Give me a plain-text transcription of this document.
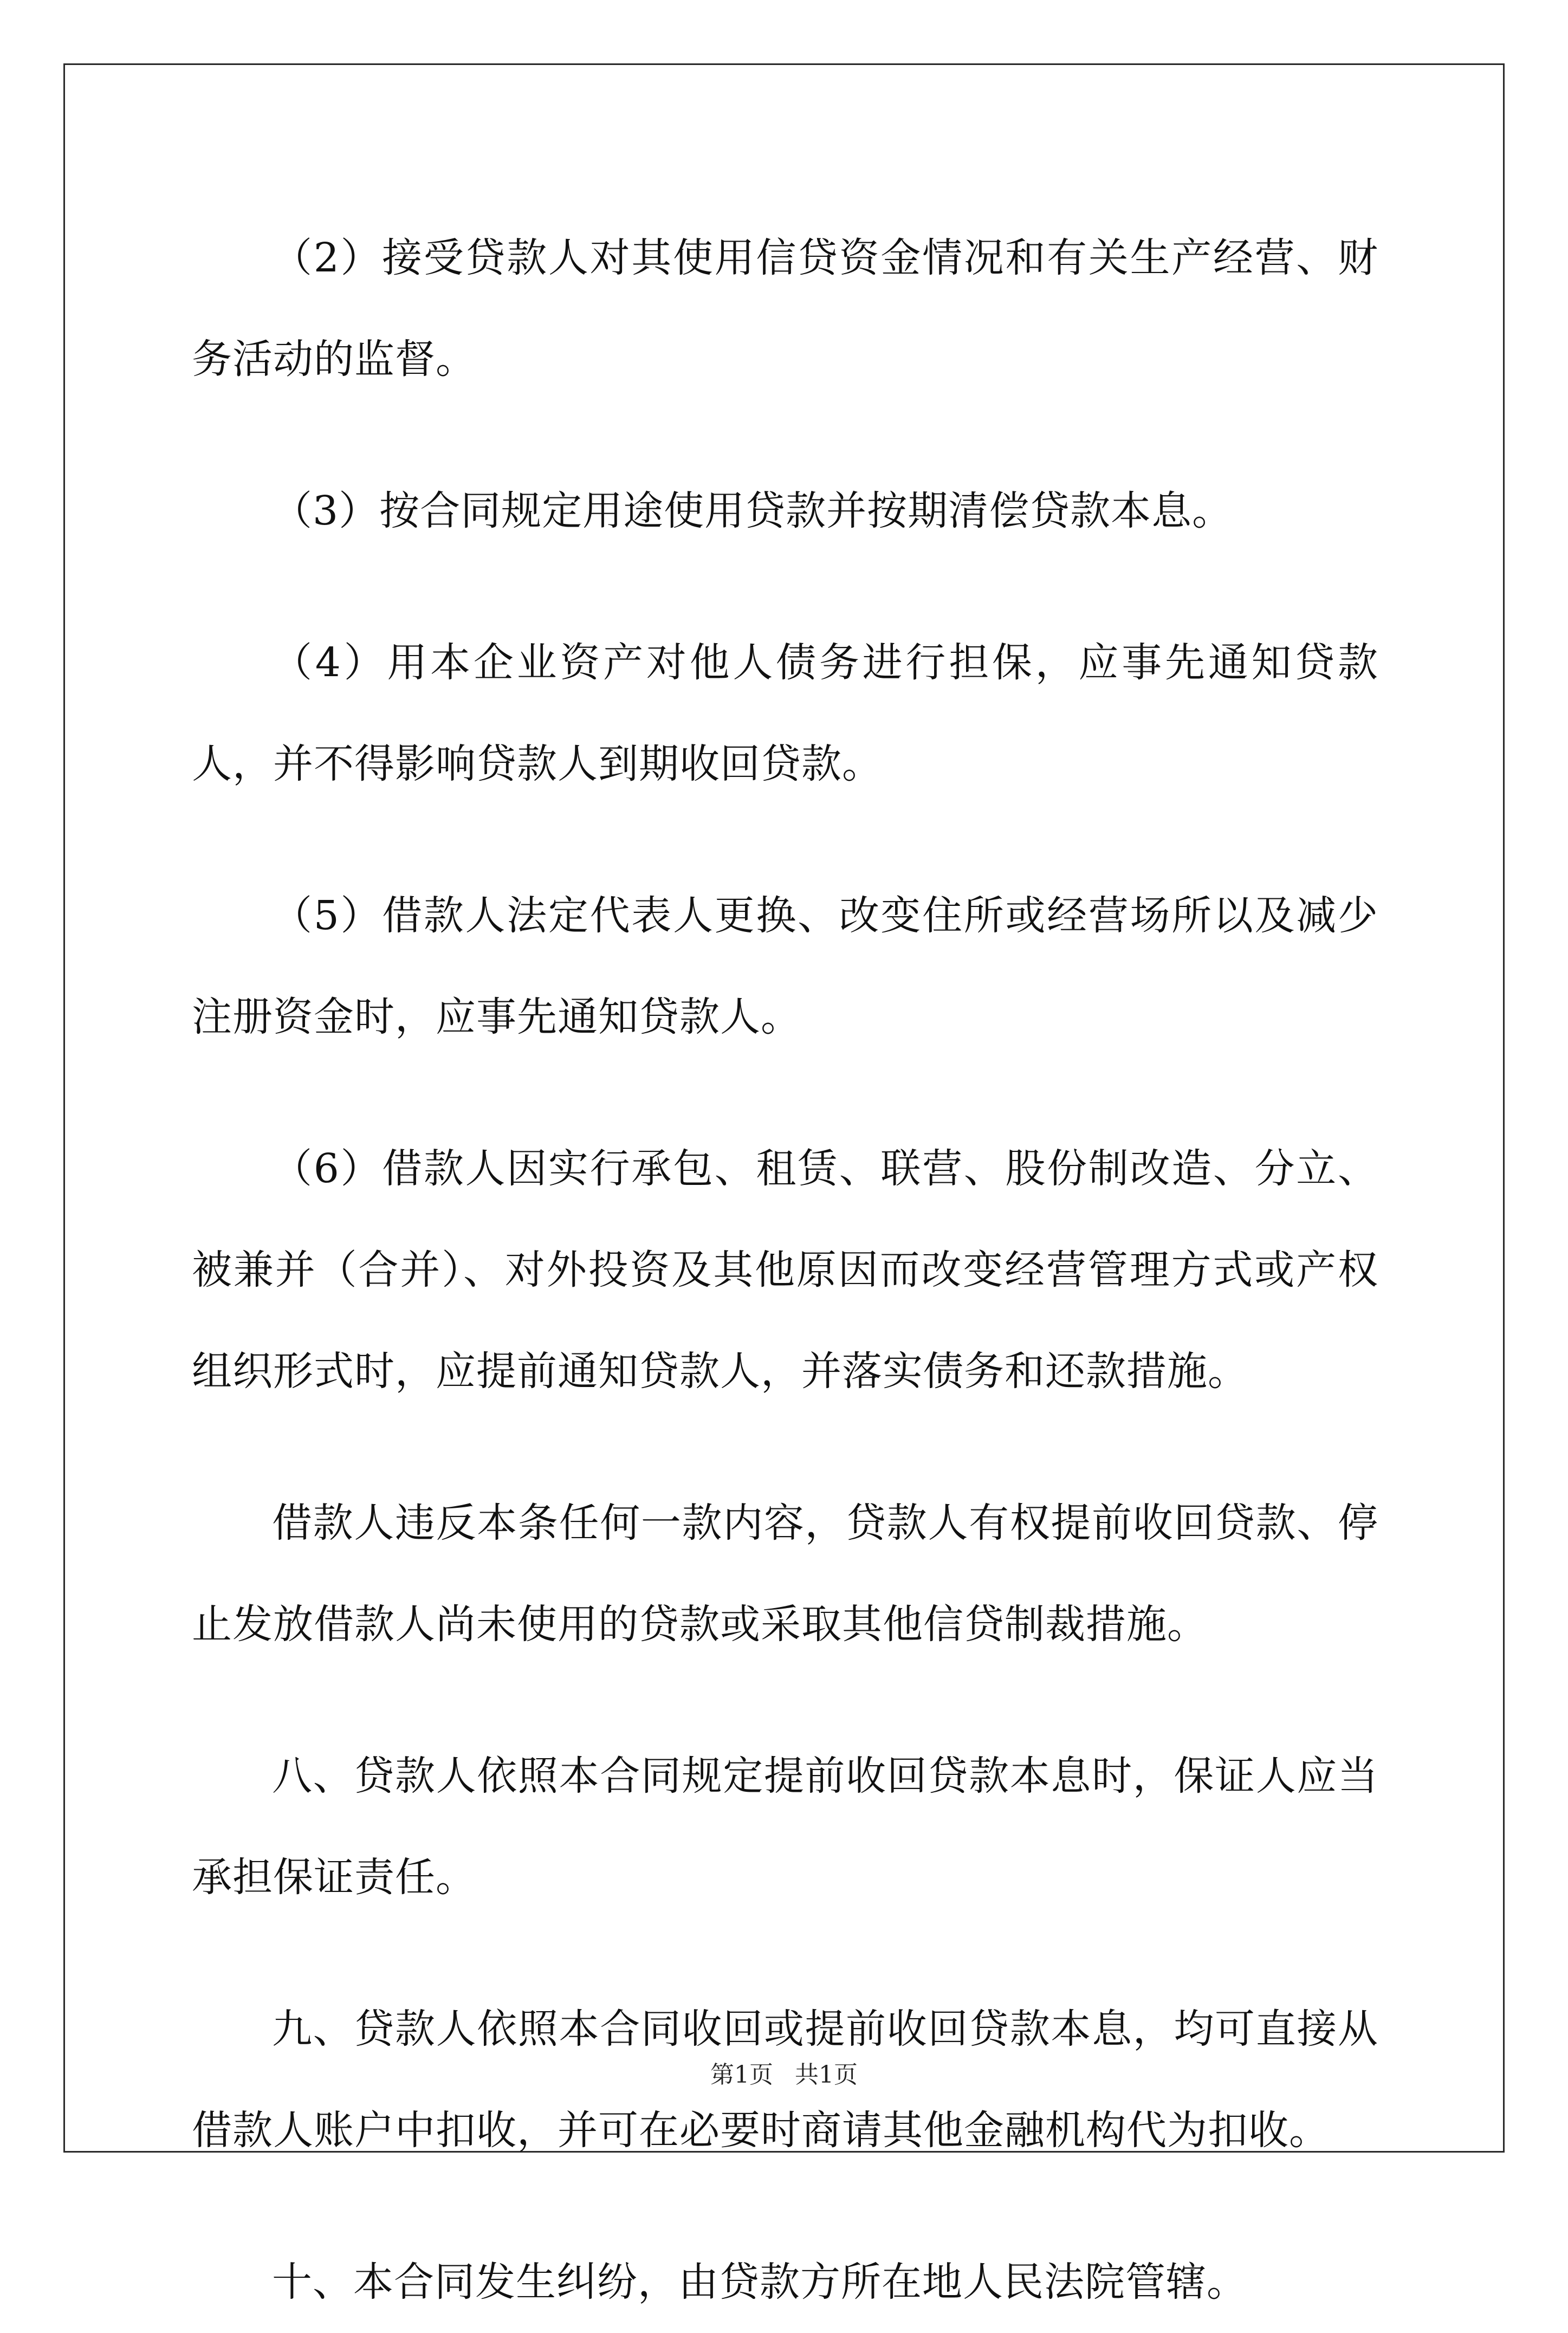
（2）接受贷款人对其使用信贷资金情况和有关生产经营、财务活动的监督。

（3）按合同规定用途使用贷款并按期清偿贷款本息。

（4）用本企业资产对他人债务进行担保，应事先通知贷款人，并不得影响贷款人到期收回贷款。

（5）借款人法定代表人更换、改变住所或经营场所以及减少注册资金时，应事先通知贷款人。

（6）借款人因实行承包、租赁、联营、股份制改造、分立、被兼并（合并）、对外投资及其他原因而改变经营管理方式或产权组织形式时，应提前通知贷款人，并落实债务和还款措施。

借款人违反本条任何一款内容，贷款人有权提前收回贷款、停止发放借款人尚未使用的贷款或采取其他信贷制裁措施。

八、贷款人依照本合同规定提前收回贷款本息时，保证人应当承担保证责任。

九、贷款人依照本合同收回或提前收回贷款本息，均可直接从借款人账户中扣收，并可在必要时商请其他金融机构代为扣收。

十、本合同发生纠纷，由贷款方所在地人民法院管辖。

第1页 共1页
